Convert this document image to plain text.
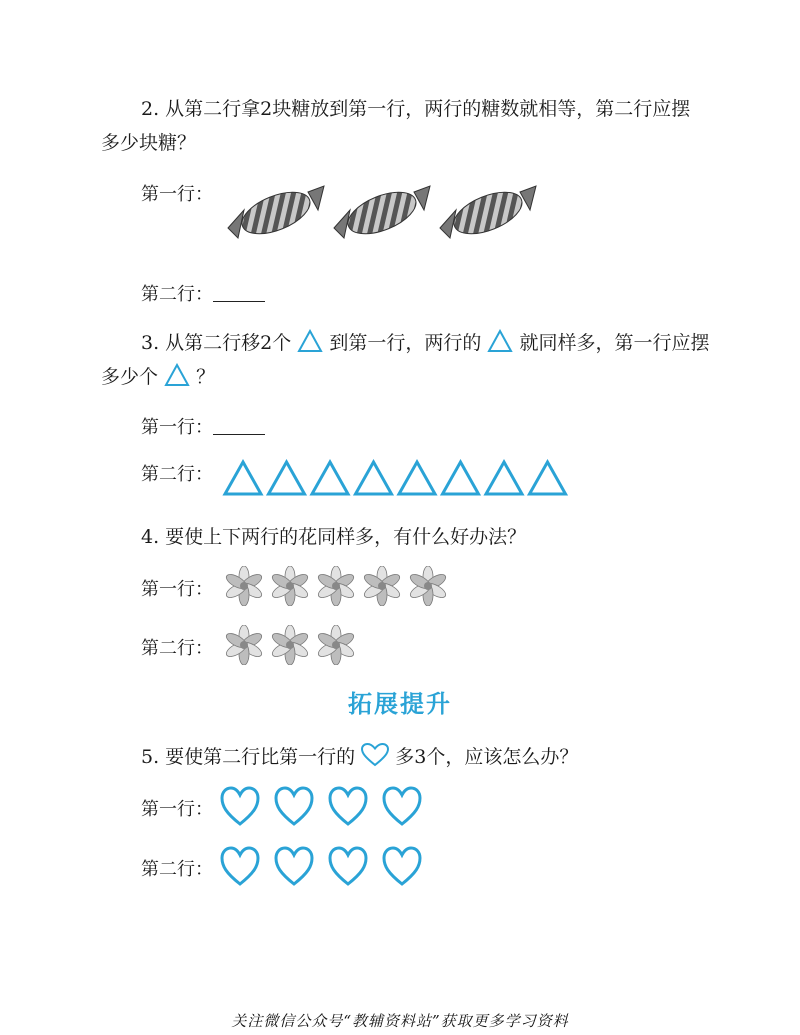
2. 从第二行拿2块糖放到第一行，两行的糖数就相等，第二行应摆
多少块糖？
第一行：
第二行：
3. 从第二行移2个 到第一行，两行的 就同样多，第一行应摆
多少个 ？
第一行：
第二行：
4. 要使上下两行的花同样多，有什么好办法？
第一行：
第二行：
拓展提升
5. 要使第二行比第一行的 多3个，应该怎么办？
第一行：
第二行：
关注微信公众号“教辅资料站”获取更多学习资料
